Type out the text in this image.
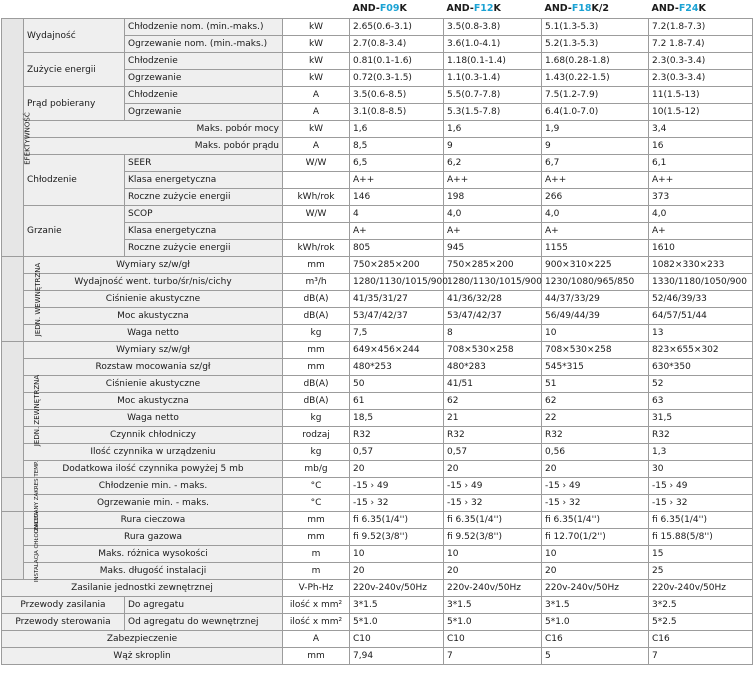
				AND-F09K	AND-F12K	AND-F18K/2	AND-F24K
EFEKTYWNOŚĆ	Wydajność	Chłodzenie nom. (min.-maks.)	kW	2.65(0.6-3.1)	3.5(0.8-3.8)	5.1(1.3-5.3)	7.2(1.8-7.3)
		Ogrzewanie nom. (min.-maks.)	kW	2.7(0.8-3.4)	3.6(1.0-4.1)	5.2(1.3-5.3)	7.2 1.8-7.4)
	Zużycie energii	Chłodzenie	kW	0.81(0.1-1.6)	1.18(0.1-1.4)	1.68(0.28-1.8)	2.3(0.3-3.4)
		Ogrzewanie	kW	0.72(0.3-1.5)	1.1(0.3-1.4)	1.43(0.22-1.5)	2.3(0.3-3.4)
	Prąd pobierany	Chłodzenie	A	3.5(0.6-8.5)	5.5(0.7-7.8)	7.5(1.2-7.9)	11(1.5-13)
		Ogrzewanie	A	3.1(0.8-8.5)	5.3(1.5-7.8)	6.4(1.0-7.0)	10(1.5-12)
	Maks. pobór mocy		kW	1,6	1,6	1,9	3,4
	Maks. pobór prądu		A	8,5	9	9	16
	Chłodzenie	SEER	W/W	6,5	6,2	6,7	6,1
		Klasa energetyczna		A++	A++	A++	A++
		Roczne zużycie energii	kWh/rok	146	198	266	373
	Grzanie	SCOP	W/W	4	4,0	4,0	4,0
		Klasa energetyczna		A+	A+	A+	A+
		Roczne zużycie energii	kWh/rok	805	945	1155	1610
JEDN. WEWNĘTRZNA	Wymiary sz/w/gł		mm	750×285×200	750×285×200	900×310×225	1082×330×233
	Wydajność went. turbo/śr/nis/cichy		m³/h	1280/1130/1015/900	1280/1130/1015/900	1230/1080/965/850	1330/1180/1050/900
	Ciśnienie akustyczne		dB(A)	41/35/31/27	41/36/32/28	44/37/33/29	52/46/39/33
	Moc akustyczna		dB(A)	53/47/42/37	53/47/42/37	56/49/44/39	64/57/51/44
	Waga netto		kg	7,5	8	10	13
JEDN. ZEWNĘTRZNA	Wymiary sz/w/gł		mm	649×456×244	708×530×258	708×530×258	823×655×302
	Rozstaw mocowania sz/gł		mm	480*253	480*283	545*315	630*350
	Ciśnienie akustyczne		dB(A)	50	41/51	51	52
	Moc akustyczna		dB(A)	61	62	62	63
	Waga netto		kg	18,5	21	22	31,5
	Czynnik chłodniczy		rodzaj	R32	R32	R32	R32
	Ilość czynnika w urządzeniu		kg	0,57	0,57	0,56	1,3
	Dodatkowa ilość czynnika powyżej 5 mb		mb/g	20	20	20	30
ZALECANY ZAKRES TEMP.	Chłodzenie min. - maks.		°C	-15 › 49	-15 › 49	-15 › 49	-15 › 49
	Ogrzewanie min. - maks.		°C	-15 › 32	-15 › 32	-15 › 32	-15 › 32
INSTALACJA CHŁODNICZA	Rura cieczowa		mm	fi 6.35(1/4'')	fi 6.35(1/4'')	fi 6.35(1/4'')	fi 6.35(1/4'')
	Rura gazowa		mm	fi 9.52(3/8'')	fi 9.52(3/8'')	fi 12.70(1/2'')	fi 15.88(5/8'')
	Maks. różnica wysokości		m	10	10	10	15
	Maks. długość instalacji		m	20	20	20	25
Zasilanie jednostki zewnętrznej			V-Ph-Hz	220v-240v/50Hz	220v-240v/50Hz	220v-240v/50Hz	220v-240v/50Hz
Przewody zasilania		Do agregatu	ilość x mm²	3*1.5	3*1.5	3*1.5	3*2.5
Przewody sterowania		Od agregatu do wewnętrznej	ilość x mm²	5*1.0	5*1.0	5*1.0	5*2.5
Zabezpieczenie			A	C10	C10	C16	C16
Wąż skroplin			mm	7,94	7	5	7
